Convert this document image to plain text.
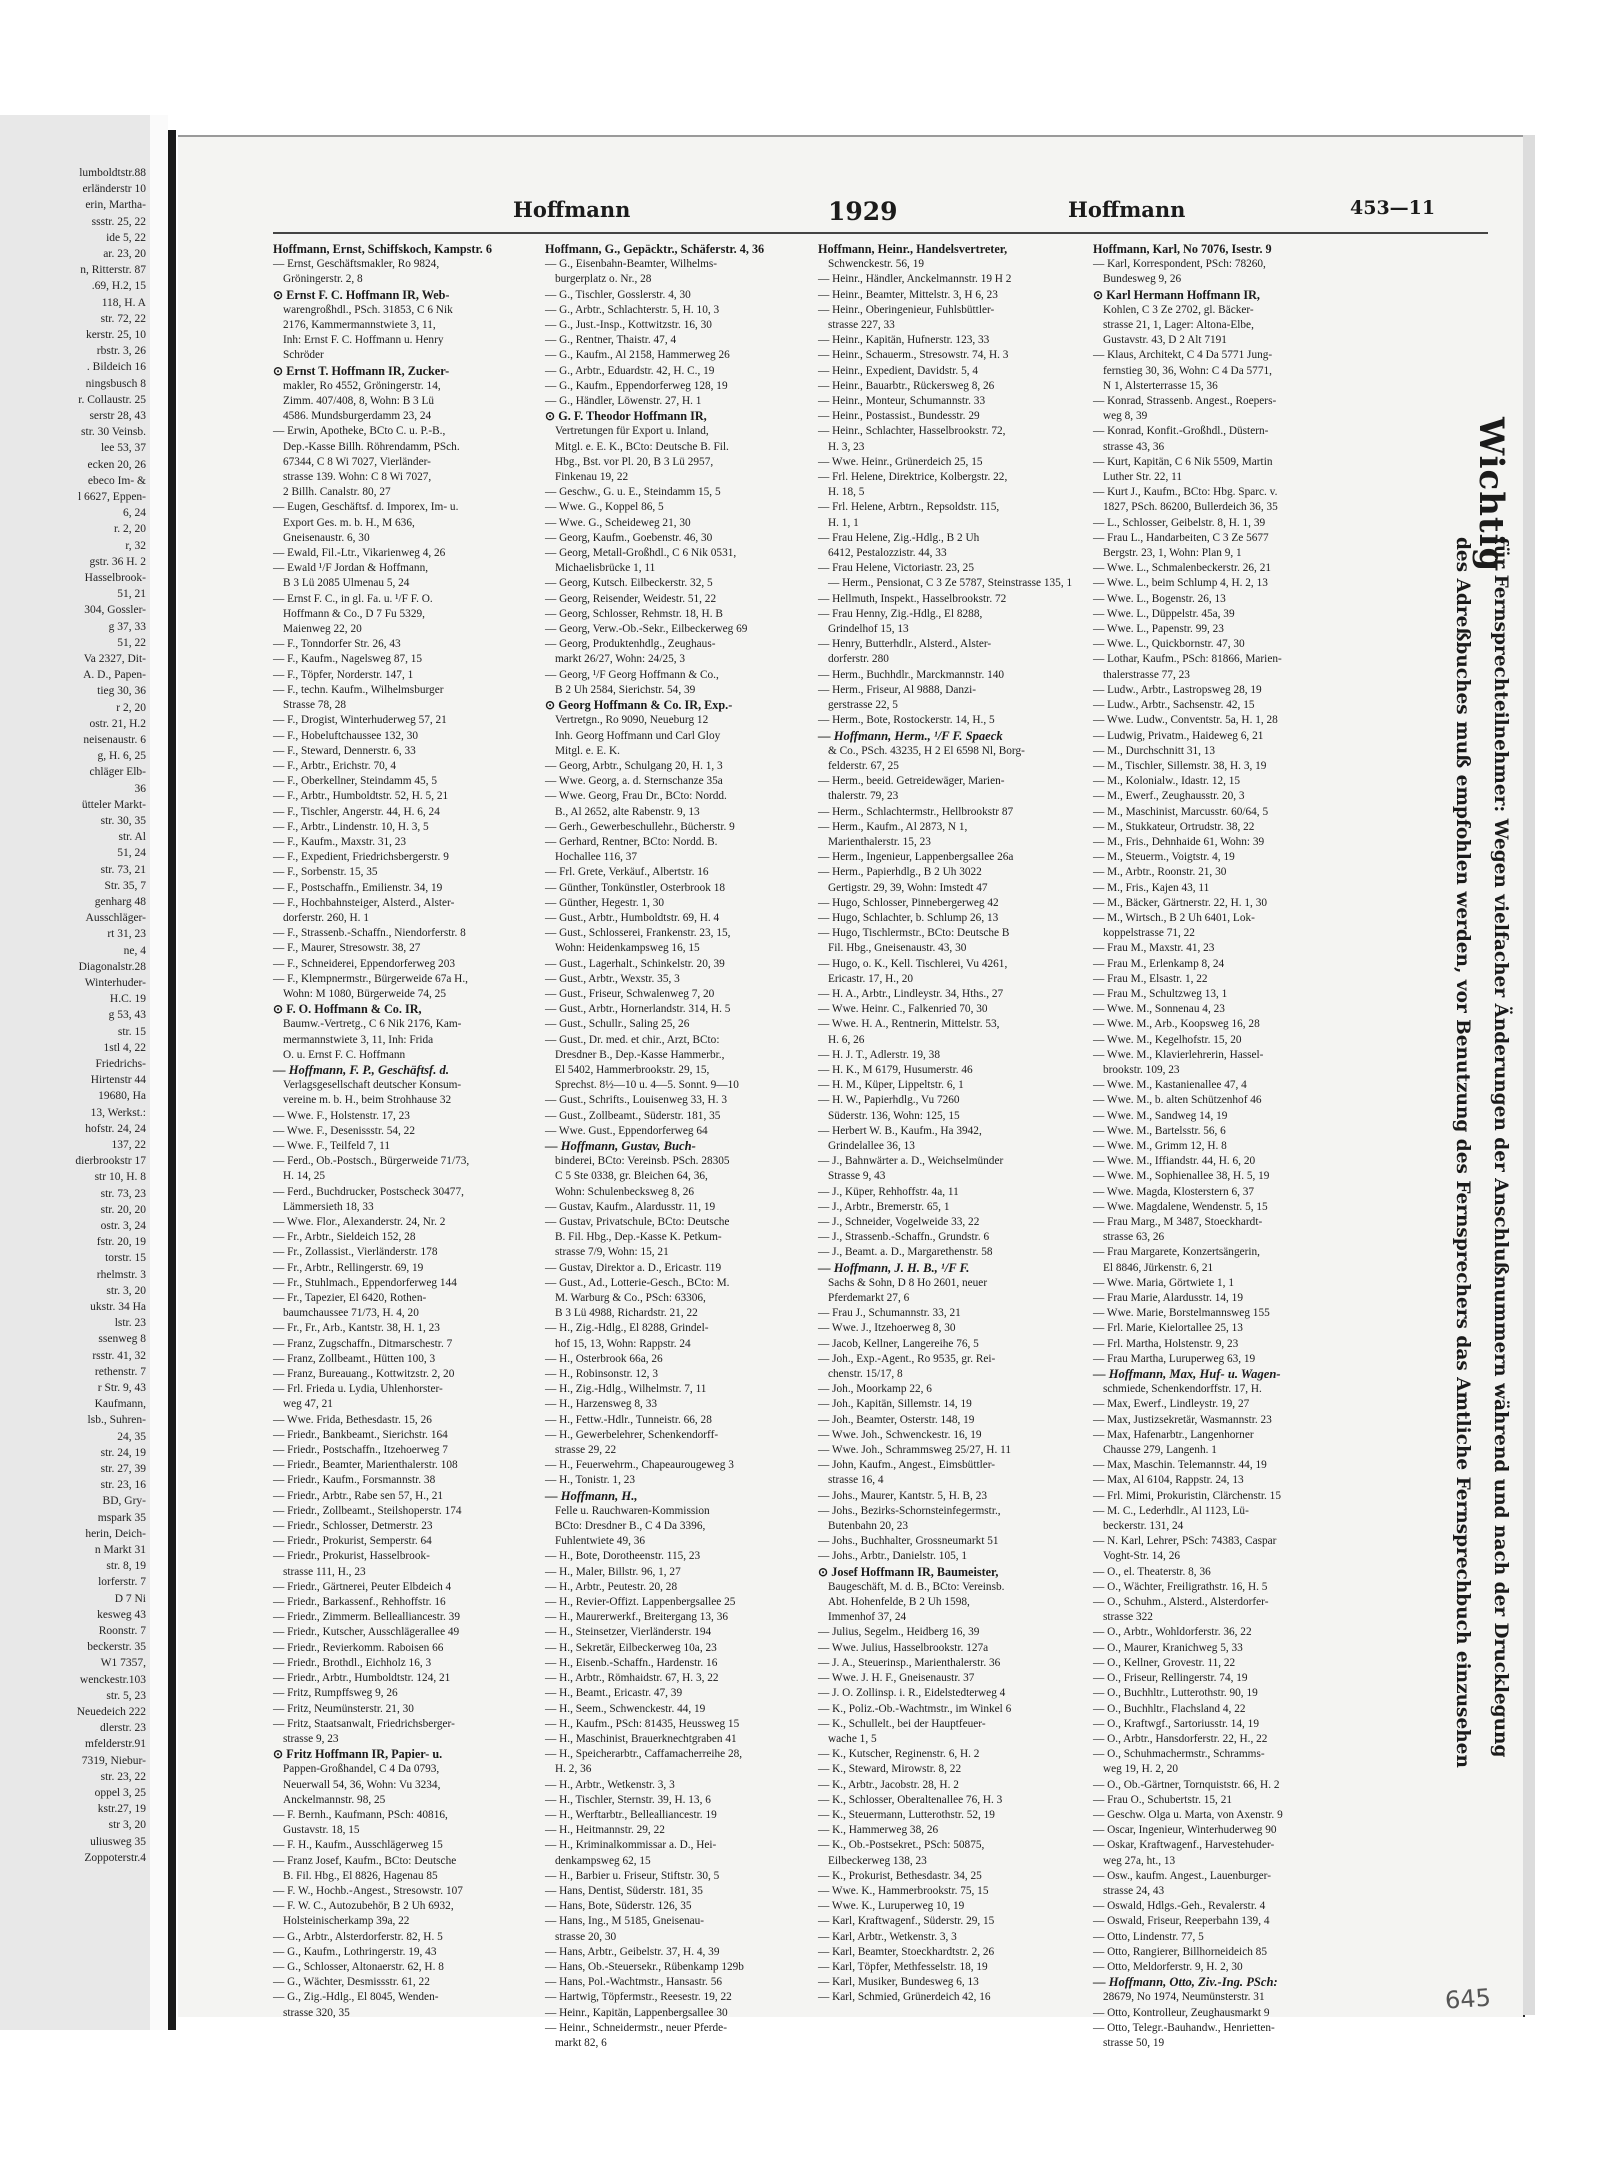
lumboldtstr.88
erländerstr 10
erin, Martha-
ssstr. 25, 22
ide 5, 22
ar. 23, 20
n, Ritterstr. 87
.69, H.2, 15
118, H. A
str. 72, 22
kerstr. 25, 10
rbstr. 3, 26
. Bildeich 16
ningsbusch 8
r. Collaustr. 25
serstr 28, 43
str. 30 Veinsb.
lee 53, 37
ecken 20, 26
ebeco Im- &
l 6627, Eppen-
6, 24
r. 2, 20
r, 32
gstr. 36 H. 2
Hasselbrook-
51, 21
304, Gossler-
g 37, 33
51, 22
Va 2327, Dit-
A. D., Papen-
tieg 30, 36
r 2, 20
ostr. 21, H.2
neisenaustr. 6
g, H. 6, 25
chläger Elb-
36
ütteler Markt-
str. 30, 35
str. Al
51, 24
str. 73, 21
Str. 35, 7
genharg 48
Ausschläger-
rt 31, 23
ne, 4
Diagonalstr.28
Winterhuder-
H.C. 19
g 53, 43
str. 15
1stl 4, 22
Friedrichs-
Hirtenstr 44
19680, Ha
13, Werkst.:
hofstr. 24, 24
137, 22
dierbrookstr 17
str 10, H. 8
str. 73, 23
str. 20, 20
ostr. 3, 24
fstr. 20, 19
torstr. 15
rhelmstr. 3
str. 3, 20
ukstr. 34 Ha
lstr. 23
ssenweg 8
rsstr. 41, 32
rethenstr. 7
r Str. 9, 43
Kaufmann,
lsb., Suhren-
24, 35
str. 24, 19
str. 27, 39
str. 23, 16
BD, Gry-
mspark 35
herin, Deich-
n Markt 31
str. 8, 19
lorferstr. 7
D 7 Ni
kesweg 43
Roonstr. 7
beckerstr. 35
W1 7357,
wenckestr.103
str. 5, 23
Neuedeich 222
dlerstr. 23
mfelderstr.91
7319, Niebur-
str. 23, 22
oppel 3, 25
kstr.27, 19
str 3, 20
uliusweg 35
Zoppoterstr.4
Hoffmann	1929	Hoffmann	453—11
Hoffmann, Ernst, Schiffskoch, Kampstr. 6
— Ernst, Geschäftsmakler, Ro 9824,
Gröningerstr. 2, 8
⊙ Ernst F. C. Hoffmann IR, Web-
warengroßhdl., PSch. 31853, C 6 Nik
2176, Kammermannstwiete 3, 11,
Inh: Ernst F. C. Hoffmann u. Henry
Schröder
⊙ Ernst T. Hoffmann IR, Zucker-
makler, Ro 4552, Gröningerstr. 14,
Zimm. 407/408, 8, Wohn: B 3 Lü
4586. Mundsburgerdamm 23, 24
— Erwin, Apotheke, BCto C. u. P.-B.,
Dep.-Kasse Billh. Röhrendamm, PSch.
67344, C 8 Wi 7027, Vierländer-
strasse 139. Wohn: C 8 Wi 7027,
2 Billh. Canalstr. 80, 27
— Eugen, Geschäftsf. d. Imporex, Im- u.
Export Ges. m. b. H., M 636,
Gneisenaustr. 6, 30
— Ewald, Fil.-Ltr., Vikarienweg 4, 26
— Ewald ¹/F Jordan & Hoffmann,
B 3 Lü 2085 Ulmenau 5, 24
— Ernst F. C., in gl. Fa. u. ¹/F F. O.
Hoffmann & Co., D 7 Fu 5329,
Maienweg 22, 20
— F., Tonndorfer Str. 26, 43
— F., Kaufm., Nagelsweg 87, 15
— F., Töpfer, Norderstr. 147, 1
— F., techn. Kaufm., Wilhelmsburger
Strasse 78, 28
— F., Drogist, Winterhuderweg 57, 21
— F., Hobeluftchaussee 132, 30
— F., Steward, Dennerstr. 6, 33
— F., Arbtr., Erichstr. 70, 4
— F., Oberkellner, Steindamm 45, 5
— F., Arbtr., Humboldtstr. 52, H. 5, 21
— F., Tischler, Angerstr. 44, H. 6, 24
— F., Arbtr., Lindenstr. 10, H. 3, 5
— F., Kaufm., Maxstr. 31, 23
— F., Expedient, Friedrichsbergerstr. 9
— F., Sorbenstr. 15, 35
— F., Postschaffn., Emilienstr. 34, 19
— F., Hochbahnsteiger, Alsterd., Alster-
dorferstr. 260, H. 1
— F., Strassenb.-Schaffn., Niendorferstr. 8
— F., Maurer, Stresowstr. 38, 27
— F., Schneiderei, Eppendorferweg 203
— F., Klempnermstr., Bürgerweide 67a H.,
Wohn: M 1080, Bürgerweide 74, 25
⊙ F. O. Hoffmann & Co. IR,
Baumw.-Vertretg., C 6 Nik 2176, Kam-
mermannstwiete 3, 11, Inh: Frida
O. u. Ernst F. C. Hoffmann
— Hoffmann, F. P., Geschäftsf. d.
Verlagsgesellschaft deutscher Konsum-
vereine m. b. H., beim Strohhause 32
— Wwe. F., Holstenstr. 17, 23
— Wwe. F., Desenissstr. 54, 22
— Wwe. F., Teilfeld 7, 11
— Ferd., Ob.-Postsch., Bürgerweide 71/73,
H. 14, 25
— Ferd., Buchdrucker, Postscheck 30477,
Lämmersieth 18, 33
— Wwe. Flor., Alexanderstr. 24, Nr. 2
— Fr., Arbtr., Sieldeich 152, 28
— Fr., Zollassist., Vierländerstr. 178
— Fr., Arbtr., Rellingerstr. 69, 19
— Fr., Stuhlmach., Eppendorferweg 144
— Fr., Tapezier, El 6420, Rothen-
baumchaussee 71/73, H. 4, 20
— Fr., Fr., Arb., Kantstr. 38, H. 1, 23
— Franz, Zugschaffn., Ditmarschestr. 7
— Franz, Zollbeamt., Hütten 100, 3
— Franz, Bureauang., Kottwitzstr. 2, 20
— Frl. Frieda u. Lydia, Uhlenhorster-
weg 47, 21
— Wwe. Frida, Bethesdastr. 15, 26
— Friedr., Bankbeamt., Sierichstr. 164
— Friedr., Postschaffn., Itzehoerweg 7
— Friedr., Beamter, Marienthalerstr. 108
— Friedr., Kaufm., Forsmannstr. 38
— Friedr., Arbtr., Rabe sen 57, H., 21
— Friedr., Zollbeamt., Steilshoperstr. 174
— Friedr., Schlosser, Detmerstr. 23
— Friedr., Prokurist, Semperstr. 64
— Friedr., Prokurist, Hasselbrook-
strasse 111, H., 23
— Friedr., Gärtnerei, Peuter Elbdeich 4
— Friedr., Barkassenf., Rehhoffstr. 16
— Friedr., Zimmerm. Bellealliancestr. 39
— Friedr., Kutscher, Ausschlägerallee 49
— Friedr., Revierkomm. Raboisen 66
— Friedr., Brothdl., Eichholz 16, 3
— Friedr., Arbtr., Humboldtstr. 124, 21
— Fritz, Rumpffsweg 9, 26
— Fritz, Neumünsterstr. 21, 30
— Fritz, Staatsanwalt, Friedrichsberger-
strasse 9, 23
⊙ Fritz Hoffmann IR, Papier- u.
Pappen-Großhandel, C 4 Da 0793,
Neuerwall 54, 36, Wohn: Vu 3234,
Anckelmannstr. 98, 25
— F. Bernh., Kaufmann, PSch: 40816,
Gustavstr. 18, 15
— F. H., Kaufm., Ausschlägerweg 15
— Franz Josef, Kaufm., BCto: Deutsche
B. Fil. Hbg., El 8826, Hagenau 85
— F. W., Hochb.-Angest., Stresowstr. 107
— F. W. C., Autozubehör, B 2 Uh 6932,
Holsteinischerkamp 39a, 22
— G., Arbtr., Alsterdorferstr. 82, H. 5
— G., Kaufm., Lothringerstr. 19, 43
— G., Schlosser, Altonaerstr. 62, H. 8
— G., Wächter, Desmissstr. 61, 22
— G., Zig.-Hdlg., El 8045, Wenden-
strasse 320, 35
Hoffmann, G., Gepäcktr., Schäferstr. 4, 36
— G., Eisenbahn-Beamter, Wilhelms-
burgerplatz o. Nr., 28
— G., Tischler, Gosslerstr. 4, 30
— G., Arbtr., Schlachterstr. 5, H. 10, 3
— G., Just.-Insp., Kottwitzstr. 16, 30
— G., Rentner, Thaistr. 47, 4
— G., Kaufm., Al 2158, Hammerweg 26
— G., Arbtr., Eduardstr. 42, H. C., 19
— G., Kaufm., Eppendorferweg 128, 19
— G., Händler, Löwenstr. 27, H. 1
⊙ G. F. Theodor Hoffmann IR,
Vertretungen für Export u. Inland,
Mitgl. e. E. K., BCto: Deutsche B. Fil.
Hbg., Bst. vor Pl. 20, B 3 Lü 2957,
Finkenau 19, 22
— Geschw., G. u. E., Steindamm 15, 5
— Wwe. G., Koppel 86, 5
— Wwe. G., Scheideweg 21, 30
— Georg, Kaufm., Goebenstr. 46, 30
— Georg, Metall-Großhdl., C 6 Nik 0531,
Michaelisbrücke 1, 11
— Georg, Kutsch. Eilbeckerstr. 32, 5
— Georg, Reisender, Weidestr. 51, 22
— Georg, Schlosser, Rehmstr. 18, H. B
— Georg, Verw.-Ob.-Sekr., Eilbeckerweg 69
— Georg, Produktenhdlg., Zeughaus-
markt 26/27, Wohn: 24/25, 3
— Georg, ¹/F Georg Hoffmann & Co.,
B 2 Uh 2584, Sierichstr. 54, 39
⊙ Georg Hoffmann & Co. IR, Exp.-
Vertretgn., Ro 9090, Neueburg 12
Inh. Georg Hoffmann und Carl Gloy
Mitgl. e. E. K.
— Georg, Arbtr., Schulgang 20, H. 1, 3
— Wwe. Georg, a. d. Sternschanze 35a
— Wwe. Georg, Frau Dr., BCto: Nordd.
B., Al 2652, alte Rabenstr. 9, 13
— Gerh., Gewerbeschullehr., Bücherstr. 9
— Gerhard, Rentner, BCto: Nordd. B.
Hochallee 116, 37
— Frl. Grete, Verkäuf., Albertstr. 16
— Günther, Tonkünstler, Osterbrook 18
— Günther, Hegestr. 1, 30
— Gust., Arbtr., Humboldtstr. 69, H. 4
— Gust., Schlosserei, Frankenstr. 23, 15,
Wohn: Heidenkampsweg 16, 15
— Gust., Lagerhalt., Schinkelstr. 20, 39
— Gust., Arbtr., Wexstr. 35, 3
— Gust., Friseur, Schwalenweg 7, 20
— Gust., Arbtr., Hornerlandstr. 314, H. 5
— Gust., Schullr., Saling 25, 26
— Gust., Dr. med. et chir., Arzt, BCto:
Dresdner B., Dep.-Kasse Hammerbr.,
El 5402, Hammerbrookstr. 29, 15,
Sprechst. 8½—10 u. 4—5. Sonnt. 9—10
— Gust., Schrifts., Louisenweg 33, H. 3
— Gust., Zollbeamt., Süderstr. 181, 35
— Wwe. Gust., Eppendorferweg 64
— Hoffmann, Gustav, Buch-
binderei, BCto: Vereinsb. PSch. 28305
C 5 Ste 0338, gr. Bleichen 64, 36,
Wohn: Schulenbecksweg 8, 26
— Gustav, Kaufm., Alardusstr. 11, 19
— Gustav, Privatschule, BCto: Deutsche
B. Fil. Hbg., Dep.-Kasse K. Petkum-
strasse 7/9, Wohn: 15, 21
— Gustav, Direktor a. D., Ericastr. 119
— Gust., Ad., Lotterie-Gesch., BCto: M.
M. Warburg & Co., PSch: 63306,
B 3 Lü 4988, Richardstr. 21, 22
— H., Zig.-Hdlg., El 8288, Grindel-
hof 15, 13, Wohn: Rappstr. 24
— H., Osterbrook 66a, 26
— H., Robinsonstr. 12, 3
— H., Zig.-Hdlg., Wilhelmstr. 7, 11
— H., Harzensweg 8, 33
— H., Fettw.-Hdlr., Tunneistr. 66, 28
— H., Gewerbelehrer, Schenkendorff-
strasse 29, 22
— H., Feuerwehrm., Chapeaurougeweg 3
— H., Tonistr. 1, 23
— Hoffmann, H.,
Felle u. Rauchwaren-Kommission
BCto: Dresdner B., C 4 Da 3396,
Fuhlentwiete 49, 36
— H., Bote, Dorotheenstr. 115, 23
— H., Maler, Billstr. 96, 1, 27
— H., Arbtr., Peutestr. 20, 28
— H., Revier-Offizt. Lappenbergsallee 25
— H., Maurerwerkf., Breitergang 13, 36
— H., Steinsetzer, Vierländerstr. 194
— H., Sekretär, Eilbeckerweg 10a, 23
— H., Eisenb.-Schaffn., Hardenstr. 16
— H., Arbtr., Römhaidstr. 67, H. 3, 22
— H., Beamt., Ericastr. 47, 39
— H., Seem., Schwenckestr. 44, 19
— H., Kaufm., PSch: 81435, Heussweg 15
— H., Maschinist, Brauerknechtgraben 41
— H., Speicherarbtr., Caffamacherreihe 28,
H. 2, 36
— H., Arbtr., Wetkenstr. 3, 3
— H., Tischler, Sternstr. 39, H. 13, 6
— H., Werftarbtr., Bellealliancestr. 19
— H., Heitmannstr. 29, 22
— H., Kriminalkommissar a. D., Hei-
denkampsweg 62, 15
— H., Barbier u. Friseur, Stiftstr. 30, 5
— Hans, Dentist, Süderstr. 181, 35
— Hans, Bote, Süderstr. 126, 35
— Hans, Ing., M 5185, Gneisenau-
strasse 20, 30
— Hans, Arbtr., Geibelstr. 37, H. 4, 39
— Hans, Ob.-Steuersekr., Rübenkamp 129b
— Hans, Pol.-Wachtmstr., Hansastr. 56
— Hartwig, Töpfermstr., Reesestr. 19, 22
— Heinr., Kapitän, Lappenbergsallee 30
— Heinr., Schneidermstr., neuer Pferde-
markt 82, 6
Hoffmann, Heinr., Handelsvertreter,
Schwenckestr. 56, 19
— Heinr., Händler, Anckelmannstr. 19 H 2
— Heinr., Beamter, Mittelstr. 3, H 6, 23
— Heinr., Oberingenieur, Fuhlsbüttler-
strasse 227, 33
— Heinr., Kapitän, Hufnerstr. 123, 33
— Heinr., Schauerm., Stresowstr. 74, H. 3
— Heinr., Expedient, Davidstr. 5, 4
— Heinr., Bauarbtr., Rückersweg 8, 26
— Heinr., Monteur, Schumannstr. 33
— Heinr., Postassist., Bundesstr. 29
— Heinr., Schlachter, Hasselbrookstr. 72,
H. 3, 23
— Wwe. Heinr., Grünerdeich 25, 15
— Frl. Helene, Direktrice, Kolbergstr. 22,
H. 18, 5
— Frl. Helene, Arbtrn., Repsoldstr. 115,
H. 1, 1
— Frau Helene, Zig.-Hdlg., B 2 Uh
6412, Pestalozzistr. 44, 33
— Frau Helene, Victoriastr. 23, 25
— Herm., Pensionat, C 3 Ze 5787, Steinstrasse 135, 1
— Hellmuth, Inspekt., Hasselbrookstr. 72
— Frau Henny, Zig.-Hdlg., El 8288,
Grindelhof 15, 13
— Henry, Butterhdlr., Alsterd., Alster-
dorferstr. 280
— Herm., Buchhdlr., Marckmannstr. 140
— Herm., Friseur, Al 9888, Danzi-
gerstrasse 22, 5
— Herm., Bote, Rostockerstr. 14, H., 5
— Hoffmann, Herm., ¹/F F. Spaeck
& Co., PSch. 43235, H 2 El 6598 Nl, Borg-
felderstr. 67, 25
— Herm., beeid. Getreidewäger, Marien-
thalerstr. 79, 23
— Herm., Schlachtermstr., Hellbrookstr 87
— Herm., Kaufm., Al 2873, N 1,
Marienthalerstr. 15, 23
— Herm., Ingenieur, Lappenbergsallee 26a
— Herm., Papierhdlg., B 2 Uh 3022
Gertigstr. 29, 39, Wohn: Imstedt 47
— Hugo, Schlosser, Pinnebergerweg 42
— Hugo, Schlachter, b. Schlump 26, 13
— Hugo, Tischlermstr., BCto: Deutsche B
Fil. Hbg., Gneisenaustr. 43, 30
— Hugo, o. K., Kell. Tischlerei, Vu 4261,
Ericastr. 17, H., 20
— H. A., Arbtr., Lindleystr. 34, Hths., 27
— Wwe. Heinr. C., Falkenried 70, 30
— Wwe. H. A., Rentnerin, Mittelstr. 53,
H. 6, 26
— H. J. T., Adlerstr. 19, 38
— H. K., M 6179, Husumerstr. 46
— H. M., Küper, Lippeltstr. 6, 1
— H. W., Papierhdlg., Vu 7260
Süderstr. 136, Wohn: 125, 15
— Herbert W. B., Kaufm., Ha 3942,
Grindelallee 36, 13
— J., Bahnwärter a. D., Weichselmünder
Strasse 9, 43
— J., Küper, Rehhoffstr. 4a, 11
— J., Arbtr., Bremerstr. 65, 1
— J., Schneider, Vogelweide 33, 22
— J., Strassenb.-Schaffn., Grundstr. 6
— J., Beamt. a. D., Margarethenstr. 58
— Hoffmann, J. H. B., ¹/F F.
Sachs & Sohn, D 8 Ho 2601, neuer
Pferdemarkt 27, 6
— Frau J., Schumannstr. 33, 21
— Wwe. J., Itzehoerweg 8, 30
— Jacob, Kellner, Langereihe 76, 5
— Joh., Exp.-Agent., Ro 9535, gr. Rei-
chenstr. 15/17, 8
— Joh., Moorkamp 22, 6
— Joh., Kapitän, Sillemstr. 14, 19
— Joh., Beamter, Osterstr. 148, 19
— Wwe. Joh., Schwenckestr. 16, 19
— Wwe. Joh., Schrammsweg 25/27, H. 11
— John, Kaufm., Angest., Eimsbüttler-
strasse 16, 4
— Johs., Maurer, Kantstr. 5, H. B, 23
— Johs., Bezirks-Schornsteinfegermstr.,
Butenbahn 20, 23
— Johs., Buchhalter, Grossneumarkt 51
— Johs., Arbtr., Danielstr. 105, 1
⊙ Josef Hoffmann IR, Baumeister,
Baugeschäft, M. d. B., BCto: Vereinsb.
Abt. Hohenfelde, B 2 Uh 1598,
Immenhof 37, 24
— Julius, Segelm., Heidberg 16, 39
— Wwe. Julius, Hasselbrookstr. 127a
— J. A., Steuerinsp., Marienthalerstr. 36
— Wwe. J. H. F., Gneisenaustr. 37
— J. O. Zollinsp. i. R., Eidelstedterweg 4
— K., Poliz.-Ob.-Wachtmstr., im Winkel 6
— K., Schullelt., bei der Hauptfeuer-
wache 1, 5
— K., Kutscher, Reginenstr. 6, H. 2
— K., Steward, Mirowstr. 8, 22
— K., Arbtr., Jacobstr. 28, H. 2
— K., Schlosser, Oberaltenallee 76, H. 3
— K., Steuermann, Lutterothstr. 52, 19
— K., Hammerweg 38, 26
— K., Ob.-Postsekret., PSch: 50875,
Eilbeckerweg 138, 23
— K., Prokurist, Bethesdastr. 34, 25
— Wwe. K., Hammerbrookstr. 75, 15
— Wwe. K., Luruperweg 10, 19
— Karl, Kraftwagenf., Süderstr. 29, 15
— Karl, Arbtr., Wetkenstr. 3, 3
— Karl, Beamter, Stoeckhardtstr. 2, 26
— Karl, Töpfer, Methfesselstr. 18, 19
— Karl, Musiker, Bundesweg 6, 13
— Karl, Schmied, Grünerdeich 42, 16
Hoffmann, Karl, No 7076, Isestr. 9
— Karl, Korrespondent, PSch: 78260,
Bundesweg 9, 26
⊙ Karl Hermann Hoffmann IR,
Kohlen, C 3 Ze 2702, gl. Bäcker-
strasse 21, 1, Lager: Altona-Elbe,
Gustavstr. 43, D 2 Alt 7191
— Klaus, Architekt, C 4 Da 5771 Jung-
fernstieg 30, 36, Wohn: C 4 Da 5771,
N 1, Alsterterrasse 15, 36
— Konrad, Strassenb. Angest., Roepers-
weg 8, 39
— Konrad, Konfit.-Großhdl., Düstern-
strasse 43, 36
— Kurt, Kapitän, C 6 Nik 5509, Martin
Luther Str. 22, 11
— Kurt J., Kaufm., BCto: Hbg. Sparc. v.
1827, PSch. 86200, Bullerdeich 36, 35
— L., Schlosser, Geibelstr. 8, H. 1, 39
— Frau L., Handarbeiten, C 3 Ze 5677
Bergstr. 23, 1, Wohn: Plan 9, 1
— Wwe. L., Schmalenbeckerstr. 26, 21
— Wwe. L., beim Schlump 4, H. 2, 13
— Wwe. L., Bogenstr. 26, 13
— Wwe. L., Düppelstr. 45a, 39
— Wwe. L., Papenstr. 99, 23
— Wwe. L., Quickbornstr. 47, 30
— Lothar, Kaufm., PSch: 81866, Marien-
thalerstrasse 77, 23
— Ludw., Arbtr., Lastropsweg 28, 19
— Ludw., Arbtr., Sachsenstr. 42, 15
— Wwe. Ludw., Conventstr. 5a, H. 1, 28
— Ludwig, Privatm., Haideweg 6, 21
— M., Durchschnitt 31, 13
— M., Tischler, Sillemstr. 38, H. 3, 19
— M., Kolonialw., Idastr. 12, 15
— M., Ewerf., Zeughausstr. 20, 3
— M., Maschinist, Marcusstr. 60/64, 5
— M., Stukkateur, Ortrudstr. 38, 22
— M., Fris., Dehnhaide 61, Wohn: 39
— M., Steuerm., Voigtstr. 4, 19
— M., Arbtr., Roonstr. 21, 30
— M., Fris., Kajen 43, 11
— M., Bäcker, Gärtnerstr. 22, H. 1, 30
— M., Wirtsch., B 2 Uh 6401, Lok-
koppelstrasse 71, 22
— Frau M., Maxstr. 41, 23
— Frau M., Erlenkamp 8, 24
— Frau M., Elsastr. 1, 22
— Frau M., Schultzweg 13, 1
— Wwe. M., Sonnenau 4, 23
— Wwe. M., Arb., Koopsweg 16, 28
— Wwe. M., Kegelhofstr. 15, 20
— Wwe. M., Klavierlehrerin, Hassel-
brookstr. 109, 23
— Wwe. M., Kastanienallee 47, 4
— Wwe. M., b. alten Schützenhof 46
— Wwe. M., Sandweg 14, 19
— Wwe. M., Bartelsstr. 56, 6
— Wwe. M., Grimm 12, H. 8
— Wwe. M., Iffiandstr. 44, H. 6, 20
— Wwe. M., Sophienallee 38, H. 5, 19
— Wwe. Magda, Klosterstern 6, 37
— Wwe. Magdalene, Wendenstr. 5, 15
— Frau Marg., M 3487, Stoeckhardt-
strasse 63, 26
— Frau Margarete, Konzertsängerin,
El 8846, Jürkenstr. 6, 21
— Wwe. Maria, Görtwiete 1, 1
— Frau Marie, Alardusstr. 14, 19
— Wwe. Marie, Borstelmannsweg 155
— Frl. Marie, Kielortallee 25, 13
— Frl. Martha, Holstenstr. 9, 23
— Frau Martha, Luruperweg 63, 19
— Hoffmann, Max, Huf- u. Wagen-
schmiede, Schenkendorffstr. 17, H.
— Max, Ewerf., Lindleystr. 19, 27
— Max, Justizsekretär, Wasmannstr. 23
— Max, Hafenarbtr., Langenhorner
Chausse 279, Langenh. 1
— Max, Maschin. Telemannstr. 44, 19
— Max, Al 6104, Rappstr. 24, 13
— Frl. Mimi, Prokuristin, Clärchenstr. 15
— M. C., Lederhdlr., Al 1123, Lü-
beckerstr. 131, 24
— N. Karl, Lehrer, PSch: 74383, Caspar
Voght-Str. 14, 26
— O., el. Theaterstr. 8, 36
— O., Wächter, Freiligrathstr. 16, H. 5
— O., Schuhm., Alsterd., Alsterdorfer-
strasse 322
— O., Arbtr., Wohldorferstr. 36, 22
— O., Maurer, Kranichweg 5, 33
— O., Kellner, Grovestr. 11, 22
— O., Friseur, Rellingerstr. 74, 19
— O., Buchhltr., Lutterothstr. 90, 19
— O., Buchhltr., Flachsland 4, 22
— O., Kraftwgf., Sartoriusstr. 14, 19
— O., Arbtr., Hansdorferstr. 22, H., 22
— O., Schuhmachermstr., Schramms-
weg 19, H. 2, 20
— O., Ob.-Gärtner, Tornquiststr. 66, H. 2
— Frau O., Schubertstr. 15, 21
— Geschw. Olga u. Marta, von Axenstr. 9
— Oscar, Ingenieur, Winterhuderweg 90
— Oskar, Kraftwagenf., Harvestehuder-
weg 27a, ht., 13
— Osw., kaufm. Angest., Lauenburger-
strasse 24, 43
— Oswald, Hdlgs.-Geh., Revalerstr. 4
— Oswald, Friseur, Reeperbahn 139, 4
— Otto, Lindenstr. 77, 5
— Otto, Rangierer, Billhorneideich 85
— Otto, Meldorferstr. 9, H. 2, 30
— Hoffmann, Otto, Ziv.-Ing. PSch:
28679, No 1974, Neumünsterstr. 31
— Otto, Kontrolleur, Zeughausmarkt 9
— Otto, Telegr.-Bauhandw., Henrietten-
strasse 50, 19
Wichtig
für Fernsprechteilnehmer: Wegen vielfacher Änderungen der Anschlußnummern während und nach der Drucklegung
des Adreßbuches muß empfohlen werden, vor Benutzung des Fernsprechers das Amtliche Fernsprechbuch einzusehen
645
